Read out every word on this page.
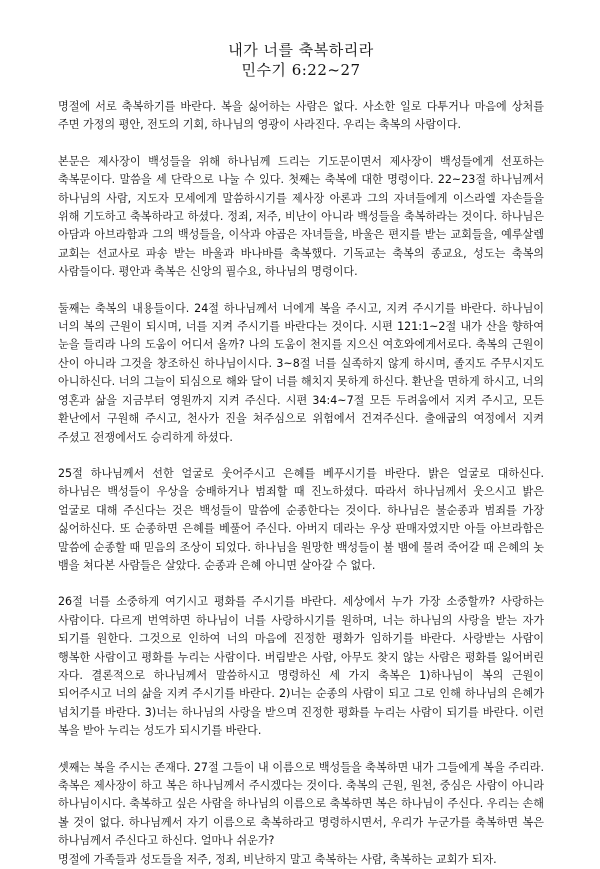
내가 너를 축복하리라
민수기 6:22~27

명절에 서로 축복하기를 바란다. 복을 싫어하는 사람은 없다. 사소한 일로 다투거나 마음에 상처를 주면 가정의 평안, 전도의 기회, 하나님의 영광이 사라진다. 우리는 축복의 사람이다.

본문은 제사장이 백성들을 위해 하나님께 드리는 기도문이면서 제사장이 백성들에게 선포하는 축복문이다. 말씀을 세 단락으로 나눌 수 있다. 첫째는 축복에 대한 명령이다. 22~23절 하나님께서 하나님의 사람, 지도자 모세에게 말씀하시기를 제사장 아론과 그의 자녀들에게 이스라엘 자손들을 위해 기도하고 축복하라고 하셨다. 정죄, 저주, 비난이 아니라 백성들을 축복하라는 것이다. 하나님은 아담과 아브라함과 그의 백성들을, 이삭과 야곱은 자녀들을, 바울은 편지를 받는 교회들을, 예루살렘 교회는 선교사로 파송 받는 바울과 바나바를 축복했다. 기독교는 축복의 종교요, 성도는 축복의 사람들이다. 평안과 축복은 신앙의 필수요, 하나님의 명령이다.

둘째는 축복의 내용들이다. 24절 하나님께서 너에게 복을 주시고, 지켜 주시기를 바란다. 하나님이 너의 복의 근원이 되시며, 너를 지켜 주시기를 바란다는 것이다. 시편 121:1~2절 내가 산을 향하여 눈을 들리라 나의 도움이 어디서 올까? 나의 도움이 천지를 지으신 여호와에게서로다. 축복의 근원이 산이 아니라 그것을 창조하신 하나님이시다. 3~8절 너를 실족하지 않게 하시며, 졸지도 주무시지도 아니하신다. 너의 그늘이 되심으로 해와 달이 너를 해치지 못하게 하신다. 환난을 면하게 하시고, 너의 영혼과 삶을 지금부터 영원까지 지켜 주신다. 시편 34:4~7절 모든 두려움에서 지켜 주시고, 모든 환난에서 구원해 주시고, 천사가 진을 쳐주심으로 위험에서 건져주신다. 출애굽의 여정에서 지켜 주셨고 전쟁에서도 승리하게 하셨다.

25절 하나님께서 선한 얼굴로 웃어주시고 은혜를 베푸시기를 바란다. 밝은 얼굴로 대하신다. 하나님은 백성들이 우상을 숭배하거나 범죄할 때 진노하셨다. 따라서 하나님께서 웃으시고 밝은 얼굴로 대해 주신다는 것은 백성들이 말씀에 순종한다는 것이다. 하나님은 불순종과 범죄를 가장 싫어하신다. 또 순종하면 은혜를 베풀어 주신다. 아버지 데라는 우상 판매자였지만 아들 아브라함은 말씀에 순종할 때 믿음의 조상이 되었다. 하나님을 원망한 백성들이 불 뱀에 물려 죽어갈 때 은혜의 놋 뱀을 쳐다본 사람들은 살았다. 순종과 은혜 아니면 살아갈 수 없다.

26절 너를 소중하게 여기시고 평화를 주시기를 바란다. 세상에서 누가 가장 소중할까? 사랑하는 사람이다. 다르게 번역하면 하나님이 너를 사랑하시기를 원하며, 너는 하나님의 사랑을 받는 자가 되기를 원한다. 그것으로 인하여 너의 마음에 진정한 평화가 임하기를 바란다. 사랑받는 사람이 행복한 사람이고 평화를 누리는 사람이다. 버림받은 사람, 아무도 찾지 않는 사람은 평화를 잃어버린 자다. 결론적으로 하나님께서 말씀하시고 명령하신 세 가지 축복은 1)하나님이 복의 근원이 되어주시고 너의 삶을 지켜 주시기를 바란다. 2)너는 순종의 사람이 되고 그로 인해 하나님의 은혜가 넘치기를 바란다. 3)너는 하나님의 사랑을 받으며 진정한 평화를 누리는 사람이 되기를 바란다. 이런 복을 받아 누리는 성도가 되시기를 바란다.

셋째는 복을 주시는 존재다. 27절 그들이 내 이름으로 백성들을 축복하면 내가 그들에게 복을 주리라. 축복은 제사장이 하고 복은 하나님께서 주시겠다는 것이다. 축복의 근원, 원천, 중심은 사람이 아니라 하나님이시다. 축복하고 싶은 사람을 하나님의 이름으로 축복하면 복은 하나님이 주신다. 우리는 손해 볼 것이 없다. 하나님께서 자기 이름으로 축복하라고 명령하시면서, 우리가 누군가를 축복하면 복은 하나님께서 주신다고 하신다. 얼마나 쉬운가?

명절에 가족들과 성도들을 저주, 정죄, 비난하지 말고 축복하는 사람, 축복하는 교회가 되자.
